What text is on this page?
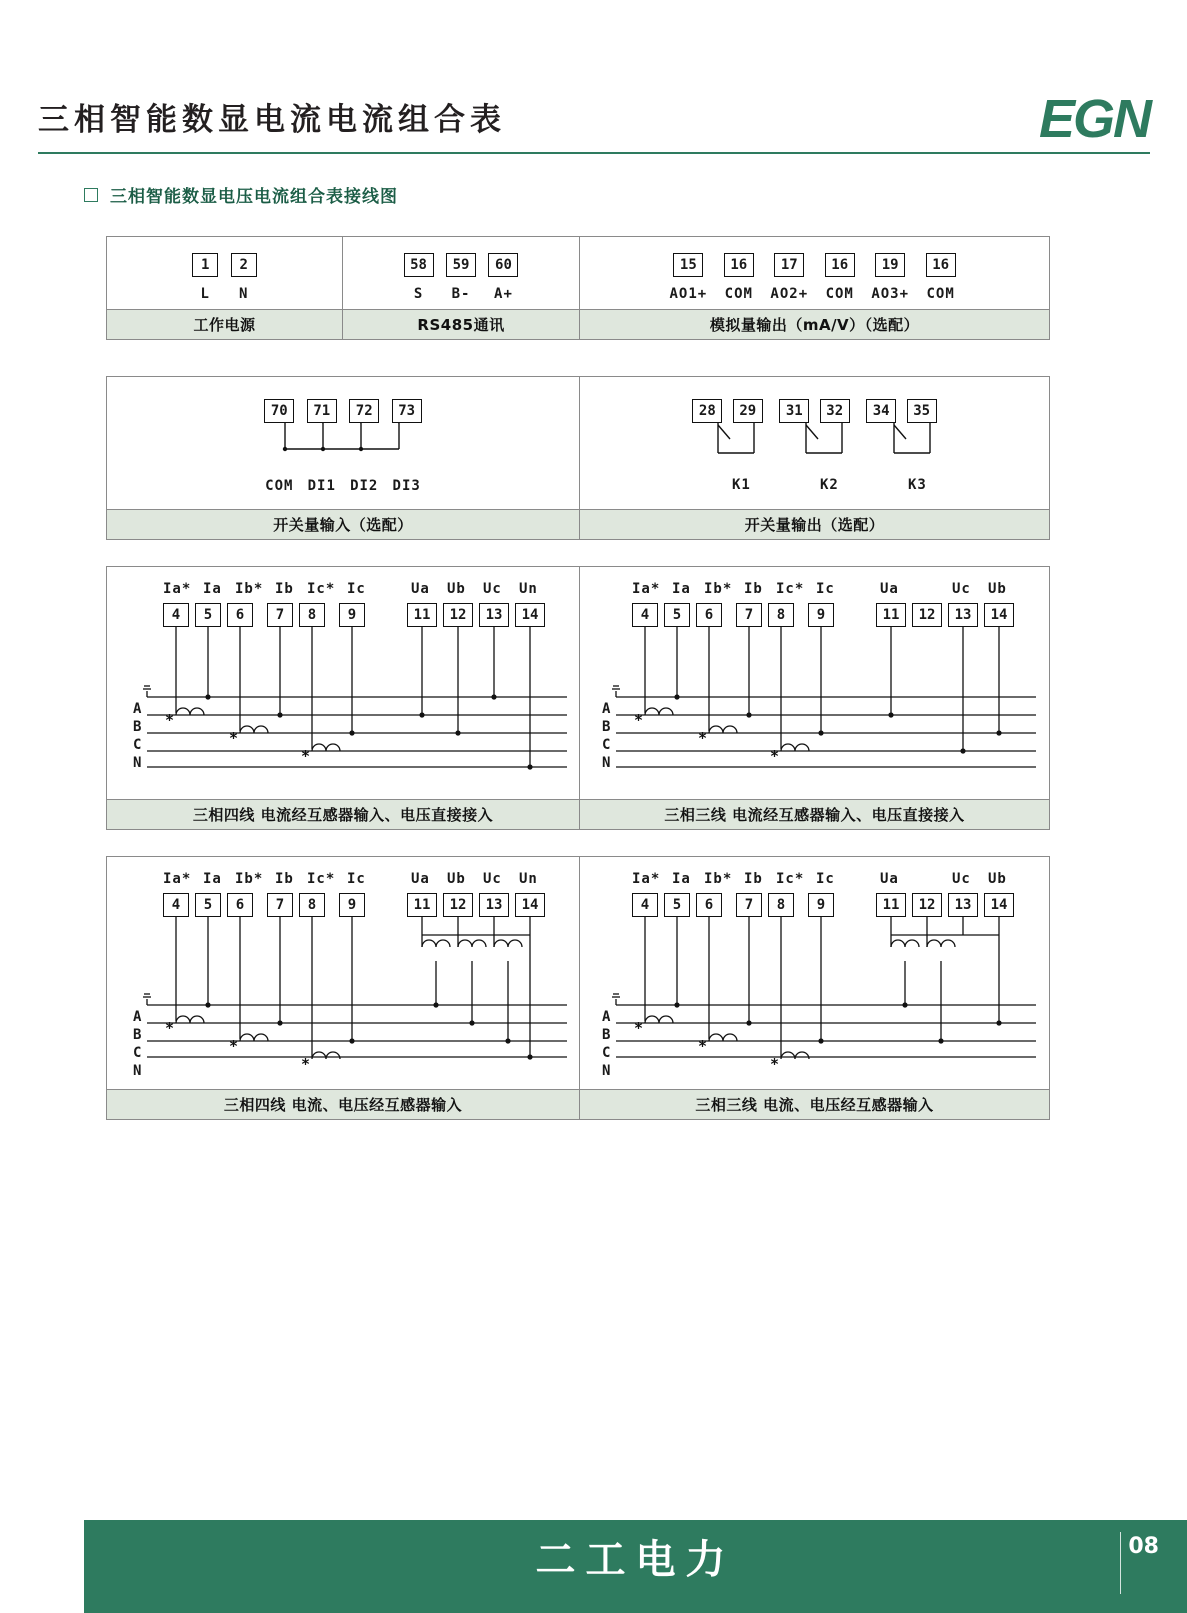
三相智能数显电流电流组合表	EGN
三相智能数显电压电流组合表接线图
1 2
L N
工作电源
58 59 60
S B- A+
RS485通讯
15 16 17 16 19 16
AO1+ COM AO2+ COM AO3+ COM
模拟量输出（mA/V）（选配）
70 71 72 73
COM DI1 DI2 DI3
开关量输入（选配）
28 29 31 32 34 35
K1	K2	K3
开关量输出（选配）
Ia* Ia Ib* Ib Ic* Ic	Ua Ub Uc Un
4	5	6	7	8	9	11	12	13	14
A
B
C
N
*
*
*
三相四线 电流经互感器输入、电压直接接入
Ia* Ia Ib* Ib Ic* Ic	Ua	Uc Ub
4	5	6	7	8	9	11	12	13	14
A
B
C
N
*
*
*
三相三线 电流经互感器输入、电压直接接入
Ia* Ia Ib* Ib Ic* Ic	Ua Ub Uc Un
4	5	6	7	8	9	11	12	13	14
A
B
C
N
*
*
*
三相四线 电流、电压经互感器输入
Ia* Ia Ib* Ib Ic* Ic	Ua	Uc Ub
4	5	6	7	8	9	11	12	13	14
A
B
C
N
*
*
*
三相三线 电流、电压经互感器输入
二工电力	08
